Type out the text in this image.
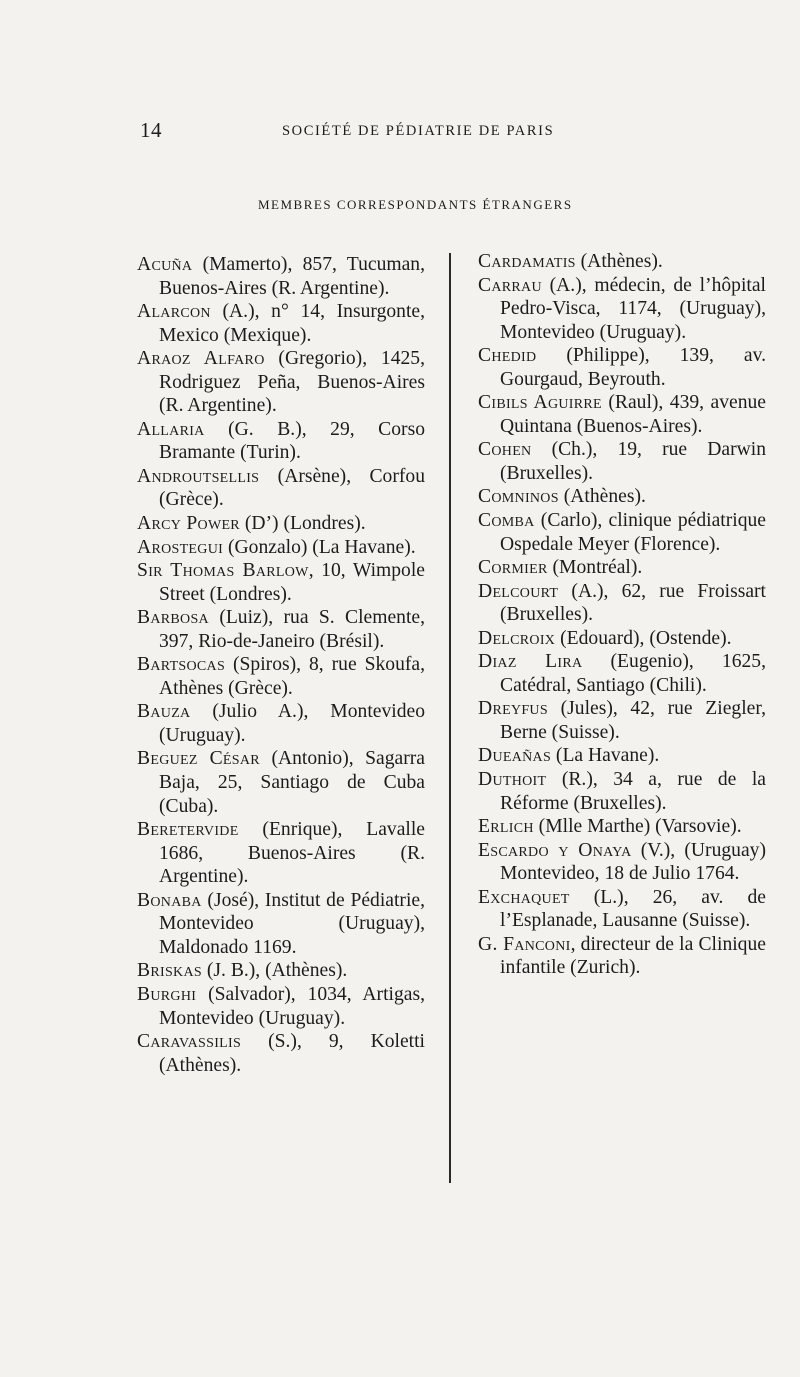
14	SOCIÉTÉ DE PÉDIATRIE DE PARIS
MEMBRES CORRESPONDANTS ÉTRANGERS

Acuña (Mamerto), 857, Tucuman, Buenos-Aires (R. Argentine).

Alarcon (A.), n° 14, Insurgonte, Mexico (Mexique).

Araoz Alfaro (Gregorio), 1425, Rodriguez Peña, Buenos-Aires (R. Argentine).

Allaria (G. B.), 29, Corso Bramante (Turin).

Androutsellis (Arsène), Corfou (Grèce).

Arcy Power (D’) (Londres).

Arostegui (Gonzalo) (La Havane).

Sir Thomas Barlow, 10, Wimpole Street (Londres).

Barbosa (Luiz), rua S. Clemente, 397, Rio-de-Janeiro (Brésil).

Bartsocas (Spiros), 8, rue Skoufa, Athènes (Grèce).

Bauza (Julio A.), Montevideo (Uruguay).

Beguez César (Antonio), Sagarra Baja, 25, Santiago de Cuba (Cuba).

Beretervide (Enrique), Lavalle 1686, Buenos-Aires (R. Argentine).

Bonaba (José), Institut de Pédiatrie, Montevideo (Uruguay), Maldonado 1169.

Briskas (J. B.), (Athènes).

Burghi (Salvador), 1034, Artigas, Montevideo (Uruguay).

Caravassilis (S.), 9, Koletti (Athènes).

Cardamatis (Athènes).

Carrau (A.), médecin, de l’hôpital Pedro-Visca, 1174, (Uruguay), Montevideo (Uruguay).

Chedid (Philippe), 139, av. Gourgaud, Beyrouth.

Cibils Aguirre (Raul), 439, avenue Quintana (Buenos-Aires).

Cohen (Ch.), 19, rue Darwin (Bruxelles).

Comninos (Athènes).

Comba (Carlo), clinique pédiatrique Ospedale Meyer (Florence).

Cormier (Montréal).

Delcourt (A.), 62, rue Froissart (Bruxelles).

Delcroix (Edouard), (Ostende).

Diaz Lira (Eugenio), 1625, Catédral, Santiago (Chili).

Dreyfus (Jules), 42, rue Ziegler, Berne (Suisse).

Dueañas (La Havane).

Duthoit (R.), 34 a, rue de la Réforme (Bruxelles).

Erlich (Mlle Marthe) (Varsovie).

Escardo y Onaya (V.), (Uruguay) Montevideo, 18 de Julio 1764.

Exchaquet (L.), 26, av. de l’Esplanade, Lausanne (Suisse).

G. Fanconi, directeur de la Clinique infantile (Zurich).
